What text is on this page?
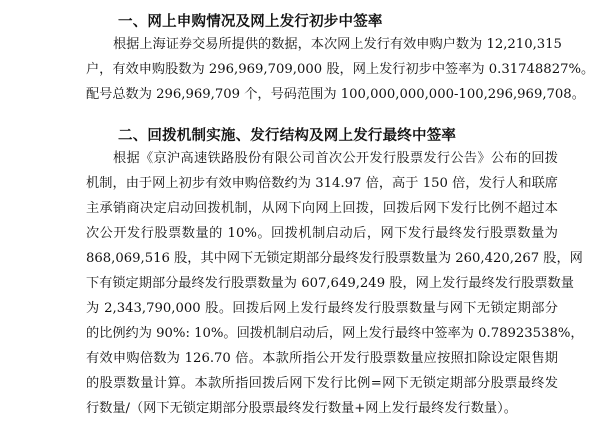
一、网上申购情况及网上发行初步中签率
根据上海证券交易所提供的数据，本次网上发行有效申购户数为 12,210,315
户，有效申购股数为 296,969,709,000 股，网上发行初步中签率为 0.31748827%。
配号总数为 296,969,709 个，号码范围为 100,000,000,000-100,296,969,708。
二、回拨机制实施、发行结构及网上发行最终中签率
根据《京沪高速铁路股份有限公司首次公开发行股票发行公告》公布的回拨
机制，由于网上初步有效申购倍数约为 314.97 倍，高于 150 倍，发行人和联席
主承销商决定启动回拨机制，从网下向网上回拨，回拨后网下发行比例不超过本
次公开发行股票数量的 10%。回拨机制启动后，网下发行最终发行股票数量为
868,069,516 股，其中网下无锁定期部分最终发行股票数量为 260,420,267 股，网
下有锁定期部分最终发行股票数量为 607,649,249 股，网上发行最终发行股票数量
为 2,343,790,000 股。回拨后网上发行最终发行股票数量与网下无锁定期部分
的比例约为 90%: 10%。回拨机制启动后，网上发行最终中签率为 0.78923538%，
有效申购倍数为 126.70 倍。本款所指公开发行股票数量应按照扣除设定限售期
的股票数量计算。本款所指回拨后网下发行比例=网下无锁定期部分股票最终发
行数量/（网下无锁定期部分股票最终发行数量+网上发行最终发行数量）。
